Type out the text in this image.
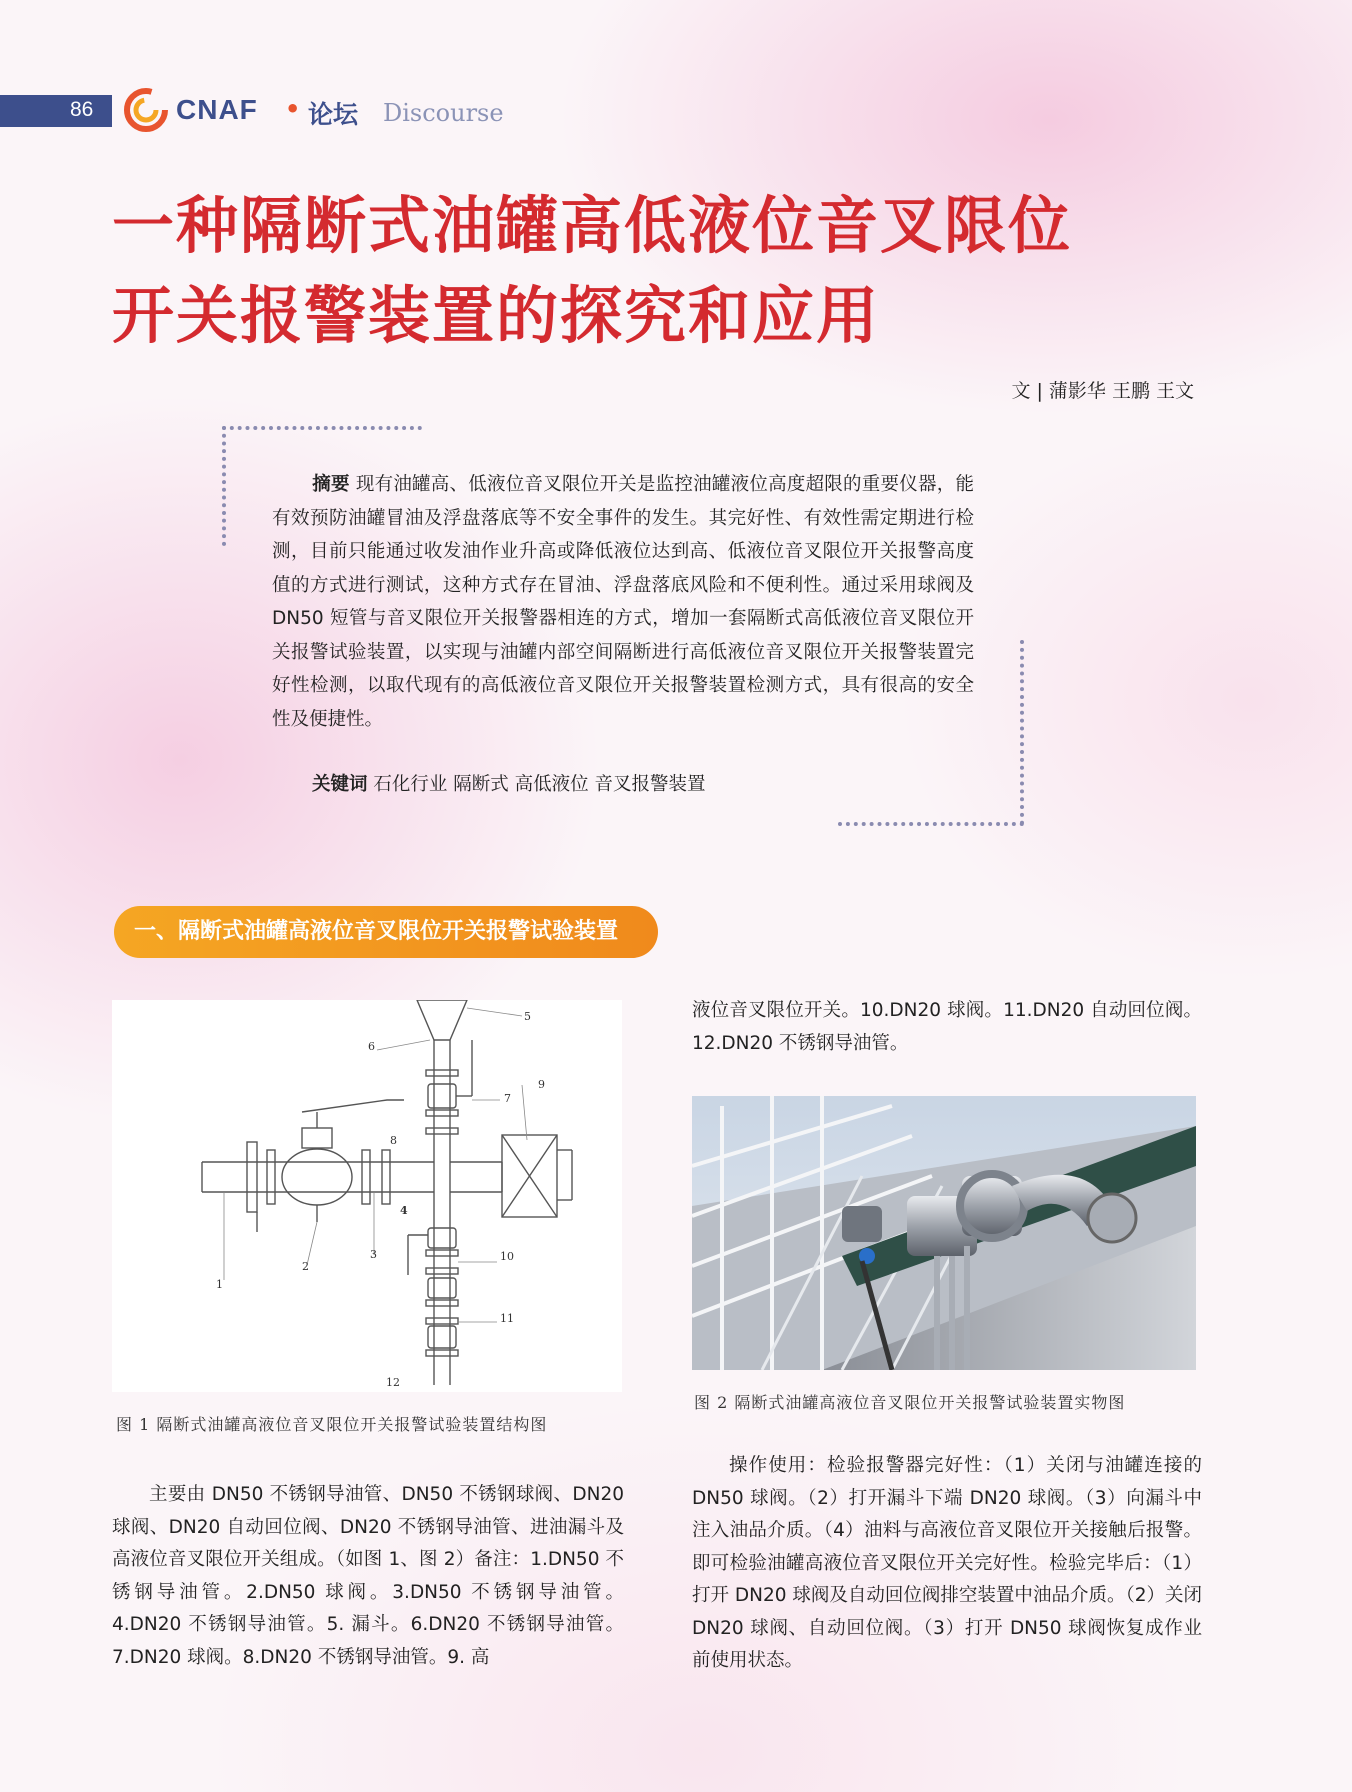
86	CNAF • 论坛 Discourse
一种隔断式油罐高低液位音叉限位
开关报警装置的探究和应用
文 | 蒲影华 王鹏 王文
摘要 现有油罐高、低液位音叉限位开关是监控油罐液位高度超限的重要仪器，能有效预防油罐冒油及浮盘落底等不安全事件的发生。其完好性、有效性需定期进行检测，目前只能通过收发油作业升高或降低液位达到高、低液位音叉限位开关报警高度值的方式进行测试，这种方式存在冒油、浮盘落底风险和不便利性。通过采用球阀及 DN50 短管与音叉限位开关报警器相连的方式，增加一套隔断式高低液位音叉限位开关报警试验装置，以实现与油罐内部空间隔断进行高低液位音叉限位开关报警装置完好性检测，以取代现有的高低液位音叉限位开关报警装置检测方式，具有很高的安全性及便捷性。
关键词 石化行业 隔断式 高低液位 音叉报警装置
一、隔断式油罐高液位音叉限位开关报警试验装置
5
6
7
8
9
4
3
2
1
10
11
12
图 1 隔断式油罐高液位音叉限位开关报警试验装置结构图
图 2 隔断式油罐高液位音叉限位开关报警试验装置实物图
主要由 DN50 不锈钢导油管、DN50 不锈钢球阀、DN20 球阀、DN20 自动回位阀、DN20 不锈钢导油管、进油漏斗及高液位音叉限位开关组成。（如图 1、图 2）备注：1.DN50 不锈钢导油管。2.DN50 球阀。3.DN50 不锈钢导油管。4.DN20 不锈钢导油管。5. 漏斗。6.DN20 不锈钢导油管。7.DN20 球阀。8.DN20 不锈钢导油管。9. 高
液位音叉限位开关。10.DN20 球阀。11.DN20 自动回位阀。12.DN20 不锈钢导油管。
操作使用：检验报警器完好性：（1）关闭与油罐连接的 DN50 球阀。（2）打开漏斗下端 DN20 球阀。（3）向漏斗中注入油品介质。（4）油料与高液位音叉限位开关接触后报警。即可检验油罐高液位音叉限位开关完好性。检验完毕后：（1）打开 DN20 球阀及自动回位阀排空装置中油品介质。（2）关闭 DN20 球阀、自动回位阀。（3）打开 DN50 球阀恢复成作业前使用状态。
